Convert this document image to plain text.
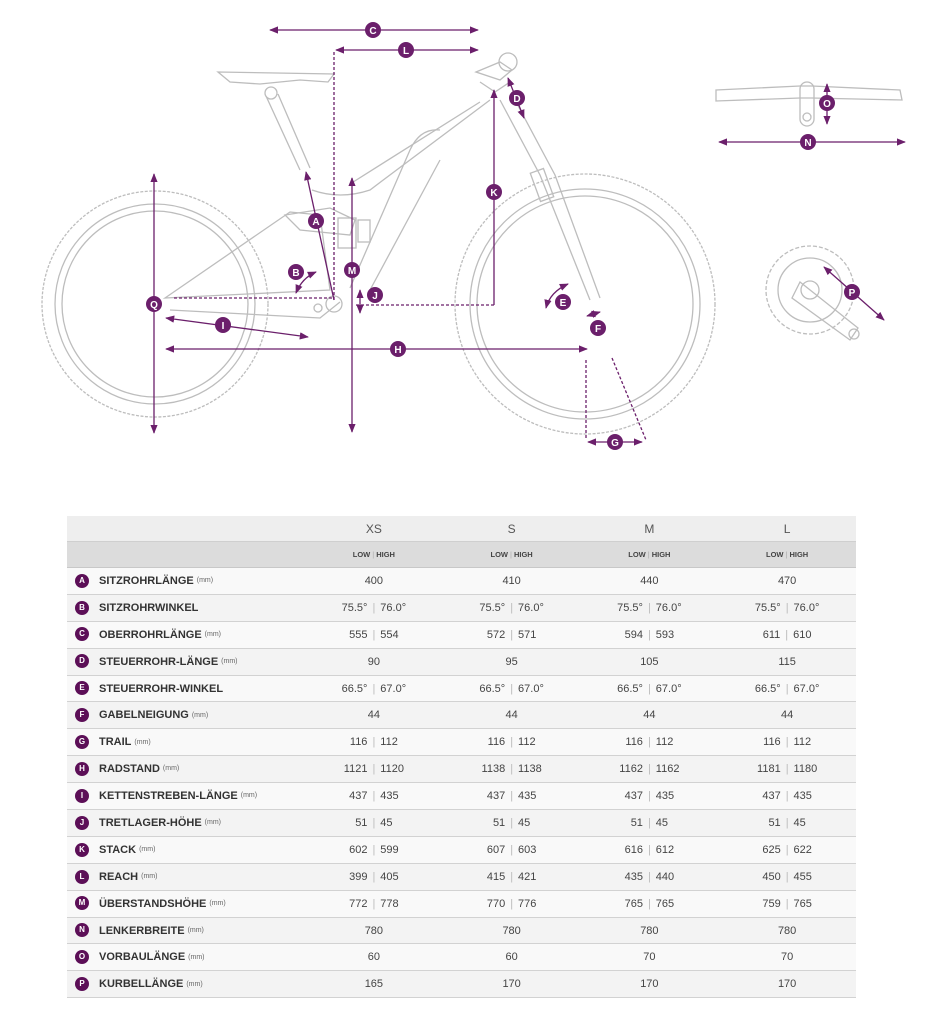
C
L
D
K
A
M
B
J
Q
I
H
E
F
G
O
N
P
	XS	S	M	L
	LOW | HIGH	LOW | HIGH	LOW | HIGH	LOW | HIGH
A SITZROHRLÄNGE (mm)	400	410	440	470
B SITZROHRWINKEL	75.5° | 76.0°	75.5° | 76.0°	75.5° | 76.0°	75.5° | 76.0°
C OBERROHRLÄNGE (mm)	555 | 554	572 | 571	594 | 593	611 | 610
D STEUERROHR-LÄNGE (mm)	90	95	105	115
E STEUERROHR-WINKEL	66.5° | 67.0°	66.5° | 67.0°	66.5° | 67.0°	66.5° | 67.0°
F GABELNEIGUNG (mm)	44	44	44	44
G TRAIL (mm)	116 | 112	116 | 112	116 | 112	116 | 112
H RADSTAND (mm)	1121 | 1120	1138 | 1138	1162 | 1162	1181 | 1180
I KETTENSTREBEN-LÄNGE (mm)	437 | 435	437 | 435	437 | 435	437 | 435
J TRETLAGER-HÖHE (mm)	51 | 45	51 | 45	51 | 45	51 | 45
K STACK (mm)	602 | 599	607 | 603	616 | 612	625 | 622
L REACH (mm)	399 | 405	415 | 421	435 | 440	450 | 455
M ÜBERSTANDSHÖHE (mm)	772 | 778	770 | 776	765 | 765	759 | 765
N LENKERBREITE (mm)	780	780	780	780
O VORBAULÄNGE (mm)	60	60	70	70
P KURBELLÄNGE (mm)	165	170	170	170
